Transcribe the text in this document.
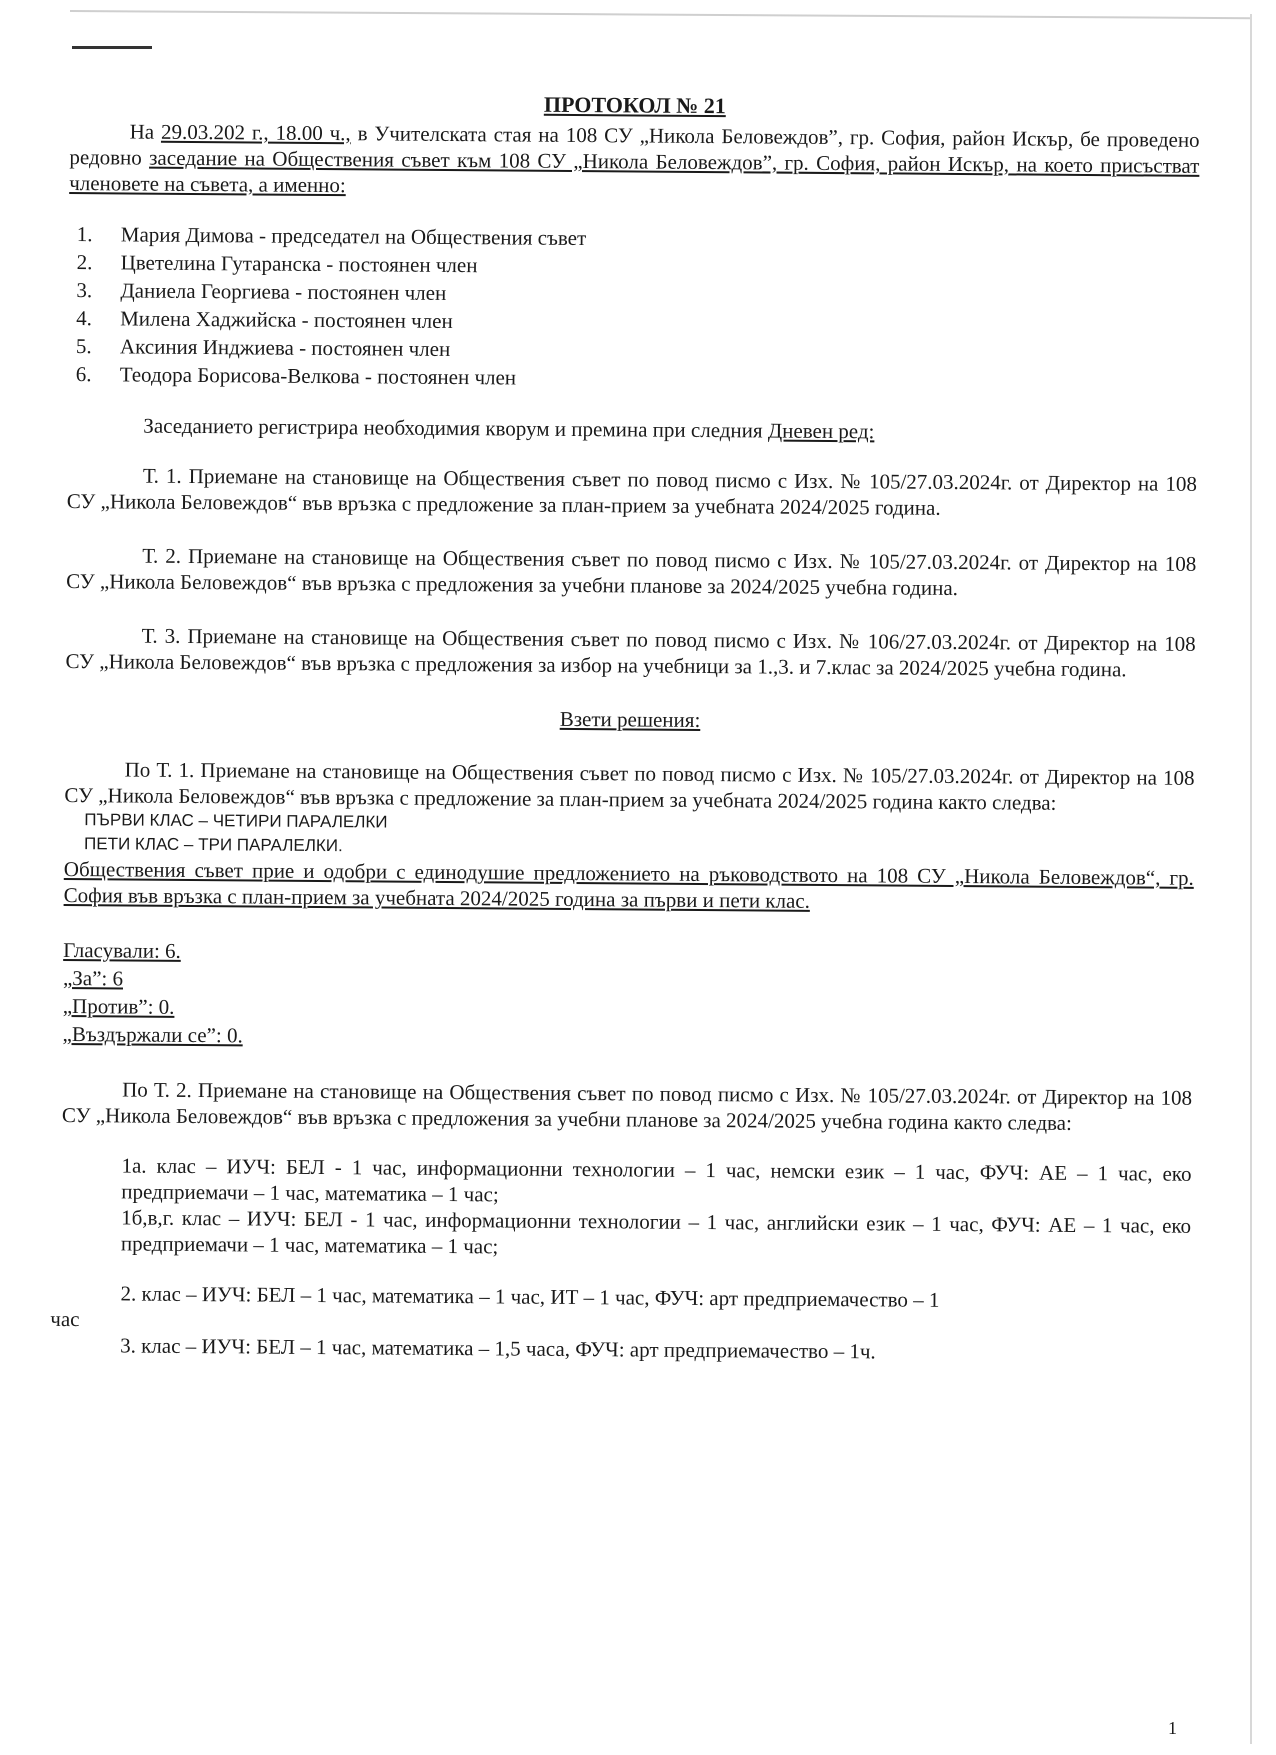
ПРОТОКОЛ № 21

На 29.03.202 г., 18.00 ч., в Учителската стая на 108 СУ „Никола Беловеждов”, гр. София, район Искър, бе проведено редовно заседание на Обществения съвет към 108 СУ „Никола Беловеждов”, гр. София, район Искър, на което присъстват членовете на съвета, а именно:

1. Мария Димова - председател на Обществения съвет
2. Цветелина Гутаранска - постоянен член
3. Даниела Георгиева - постоянен член
4. Милена Хаджийска - постоянен член
5. Аксиния Инджиева - постоянен член
6. Теодора Борисова-Велкова - постоянен член

Заседанието регистрира необходимия кворум и премина при следния Дневен ред:

Т. 1. Приемане на становище на Обществения съвет по повод писмо с Изх. № 105/27.03.2024г. от Директор на 108 СУ „Никола Беловеждов“ във връзка с предложение за план-прием за учебната 2024/2025 година.

Т. 2. Приемане на становище на Обществения съвет по повод писмо с Изх. № 105/27.03.2024г. от Директор на 108 СУ „Никола Беловеждов“ във връзка с предложения за учебни планове за 2024/2025 учебна година.

Т. 3. Приемане на становище на Обществения съвет по повод писмо с Изх. № 106/27.03.2024г. от Директор на 108 СУ „Никола Беловеждов“ във връзка с предложения за избор на учебници за 1.,3. и 7.клас за 2024/2025 учебна година.

Взети решения:

По Т. 1. Приемане на становище на Обществения съвет по повод писмо с Изх. № 105/27.03.2024г. от Директор на 108 СУ „Никола Беловеждов“ във връзка с предложение за план-прием за учебната 2024/2025 година както следва:

ПЪРВИ КЛАС – ЧЕТИРИ ПАРАЛЕЛКИ

ПЕТИ КЛАС – ТРИ ПАРАЛЕЛКИ.

Обществения съвет прие и одобри с единодушие предложението на ръководството на 108 СУ „Никола Беловеждов“, гр. София във връзка с план-прием за учебната 2024/2025 година за първи и пети клас.

Гласували: 6.

„За”: 6

„Против”: 0.

„Въздържали се”: 0.

По Т. 2. Приемане на становище на Обществения съвет по повод писмо с Изх. № 105/27.03.2024г. от Директор на 108 СУ „Никола Беловеждов“ във връзка с предложения за учебни планове за 2024/2025 учебна година както следва:

1а. клас – ИУЧ: БЕЛ - 1 час, информационни технологии – 1 час, немски език – 1 час, ФУЧ: АЕ – 1 час, еко предприемачи – 1 час, математика – 1 час;

1б,в,г. клас – ИУЧ: БЕЛ - 1 час, информационни технологии – 1 час, английски език – 1 час, ФУЧ: АЕ – 1 час, еко предприемачи – 1 час, математика – 1 час;

2. клас – ИУЧ: БЕЛ – 1 час, математика – 1 час, ИТ – 1 час, ФУЧ: арт предприемачество – 1

час

3. клас – ИУЧ: БЕЛ – 1 час, математика – 1,5 часа, ФУЧ: арт предприемачество – 1ч.

1
